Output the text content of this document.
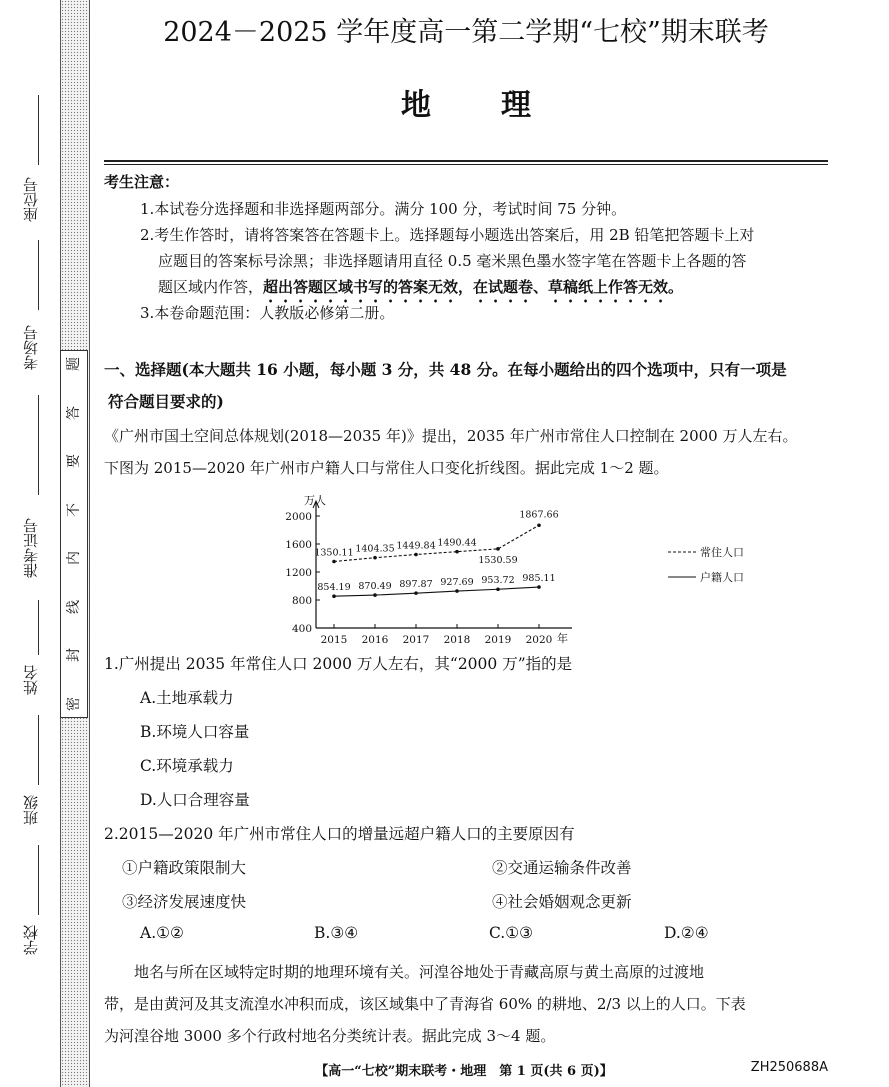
座位号
考场号
准考证号
姓名
班级
学校
题
答
要
不
内
线
封
密
2024－2025 学年度高一第二学期“七校”期末联考
地理
考生注意：
1.本试卷分选择题和非选择题两部分。满分 100 分，考试时间 75 分钟。
2.考生作答时，请将答案答在答题卡上。选择题每小题选出答案后，用 2B 铅笔把答题卡上对
应题目的答案标号涂黑；非选择题请用直径 0.5 毫米黑色墨水签字笔在答题卡上各题的答
题区域内作答，超出答题区域书写的答案无效，在试题卷、草稿纸上作答无效。
3.本卷命题范围：人教版必修第二册。
一、选择题(本大题共 16 小题，每小题 3 分，共 48 分。在每小题给出的四个选项中，只有一项是
符合题目要求的)
《广州市国土空间总体规划(2018—2035 年)》提出，2035 年广州市常住人口控制在 2000 万人左右。
下图为 2015—2020 年广州市户籍人口与常住人口变化折线图。据此完成 1～2 题。
万人
400
800
1200
1600
2000
2015 2016 2017 2018 2019 2020 年
1350.11 1404.35 1449.84 1490.44
1530.59
1867.66
854.19 870.49 897.87 927.69 953.72 985.11
常住人口
户籍人口
1.广州提出 2035 年常住人口 2000 万人左右，其“2000 万”指的是
A.土地承载力
B.环境人口容量
C.环境承载力
D.人口合理容量
2.2015—2020 年广州市常住人口的增量远超户籍人口的主要原因有
①户籍政策限制大	②交通运输条件改善
③经济发展速度快	④社会婚姻观念更新
A.①②	B.③④	C.①③	D.②④
地名与所在区域特定时期的地理环境有关。河湟谷地处于青藏高原与黄土高原的过渡地
带，是由黄河及其支流湟水冲积而成，该区域集中了青海省 60% 的耕地、2/3 以上的人口。下表
为河湟谷地 3000 多个行政村地名分类统计表。据此完成 3～4 题。
【高一“七校”期末联考・地理　第 1 页(共 6 页)】	ZH250688A
